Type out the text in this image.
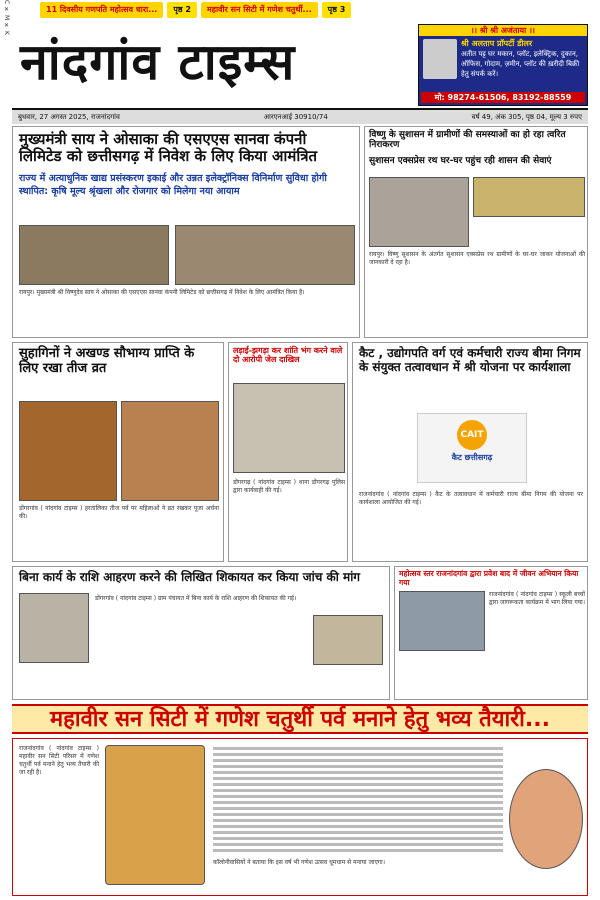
C ✕ M ✕ K	11 दिवसीय गणपति महोत्सव धारा...	पृष्ठ 2	महावीर सन सिटी में गणेश चतुर्थी...	पृष्ठ 3
नांदगांव टाइम्स
।। श्री श्री अजंताया ।।
श्री अलताप प्रॉपर्टी डीलर
अतीत पट्ट घर मकान, प्लॉट, इलेक्ट्रिक, दुकान, ऑफिस, गोदाम, ज़मीन, प्लॉट की ख़रीदी बिक्री हेतु संपर्क करें।
मो: 98274-61506, 83192-88559
बुधवार, 27 अगस्त 2025, राजनांदगांव	आरएनआई 30910/74	वर्ष 49, अंक 305, पृष्ठ 04, मूल्य 3 रुपए
मुख्यमंत्री साय ने ओसाका की एसएएस सानवा कंपनी लिमिटेड को छत्तीसगढ़ में निवेश के लिए किया आमंत्रित
राज्य में अत्याधुनिक खाद्य प्रसंस्करण इकाई और उन्नत इलेक्ट्रॉनिक्स विनिर्माण सुविधा होगी स्थापित: कृषि मूल्य श्रृंखला और रोजगार को मिलेगा नया आयाम
रायपुर। मुख्यमंत्री श्री विष्णुदेव साय ने ओसाका की एसएएस सानवा कंपनी लिमिटेड को छत्तीसगढ़ में निवेश के लिए आमंत्रित किया है।
विष्णु के सुशासन में ग्रामीणों की समस्याओं का हो रहा त्वरित निराकरण
सुशासन एक्सप्रेस रथ घर-घर पहुंच रही शासन की सेवाएं
रायपुर। विष्णु सुशासन के अंतर्गत सुशासन एक्सप्रेस रथ ग्रामीणों के घर-घर जाकर योजनाओं की जानकारी दे रहा है।
सुहागिनों ने अखण्ड सौभाग्य प्राप्ति के लिए रखा तीज व्रत
डोंगरगांव ( नांदगांव टाइम्स ) हरतालिका तीज पर्व पर महिलाओं ने व्रत रखकर पूजा अर्चना की।
लड़ाई-झगड़ा कर शांति भंग करने वाले दो आरोपी जेल दाखिल
डोंगरगढ़ ( नांदगांव टाइम्स ) थाना डोंगरगढ़ पुलिस द्वारा कार्यवाही की गई।
कैट , उद्योगपति वर्ग एवं कर्मचारी राज्य बीमा निगम के संयुक्त तत्वावधान में श्री योजना पर कार्यशाला
CAIT
कैट छत्तीसगढ़
राजनांदगांव ( नांदगांव टाइम्स ) कैट के तत्वावधान में कर्मचारी राज्य बीमा निगम की योजना पर कार्यशाला आयोजित की गई।
बिना कार्य के राशि आहरण करने की लिखित शिकायत कर किया जांच की मांग
डोंगरगांव ( नांदगांव टाइम्स ) ग्राम पंचायत में बिना कार्य के राशि आहरण की शिकायत की गई।
महोत्सव स्तर राजनांदगांव द्वारा प्रवेश बाद में जीवन अभियान किया गया
राजनांदगांव ( नांदगांव टाइम्स ) स्कूली बच्चों द्वारा जागरूकता कार्यक्रम में भाग लिया गया।
महावीर सन सिटी में गणेश चतुर्थी पर्व मनाने हेतु भव्य तैयारी...
राजनांदगांव ( नांदगांव टाइम्स ) महावीर सन सिटी परिसर में गणेश चतुर्थी पर्व मनाने हेतु भव्य तैयारी की जा रही है।
कॉलोनीवासियों ने बताया कि इस वर्ष भी गणेश उत्सव धूमधाम से मनाया जाएगा।
